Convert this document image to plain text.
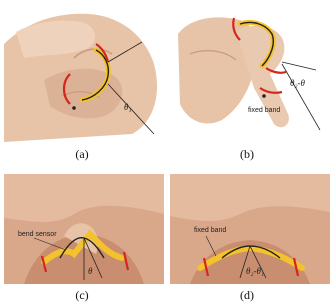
θ₁
(a)
θ₂-θ
fixed band
(b)
bend sensor
θ
(c)
fixed band
θ₂-θ₁
(d)
